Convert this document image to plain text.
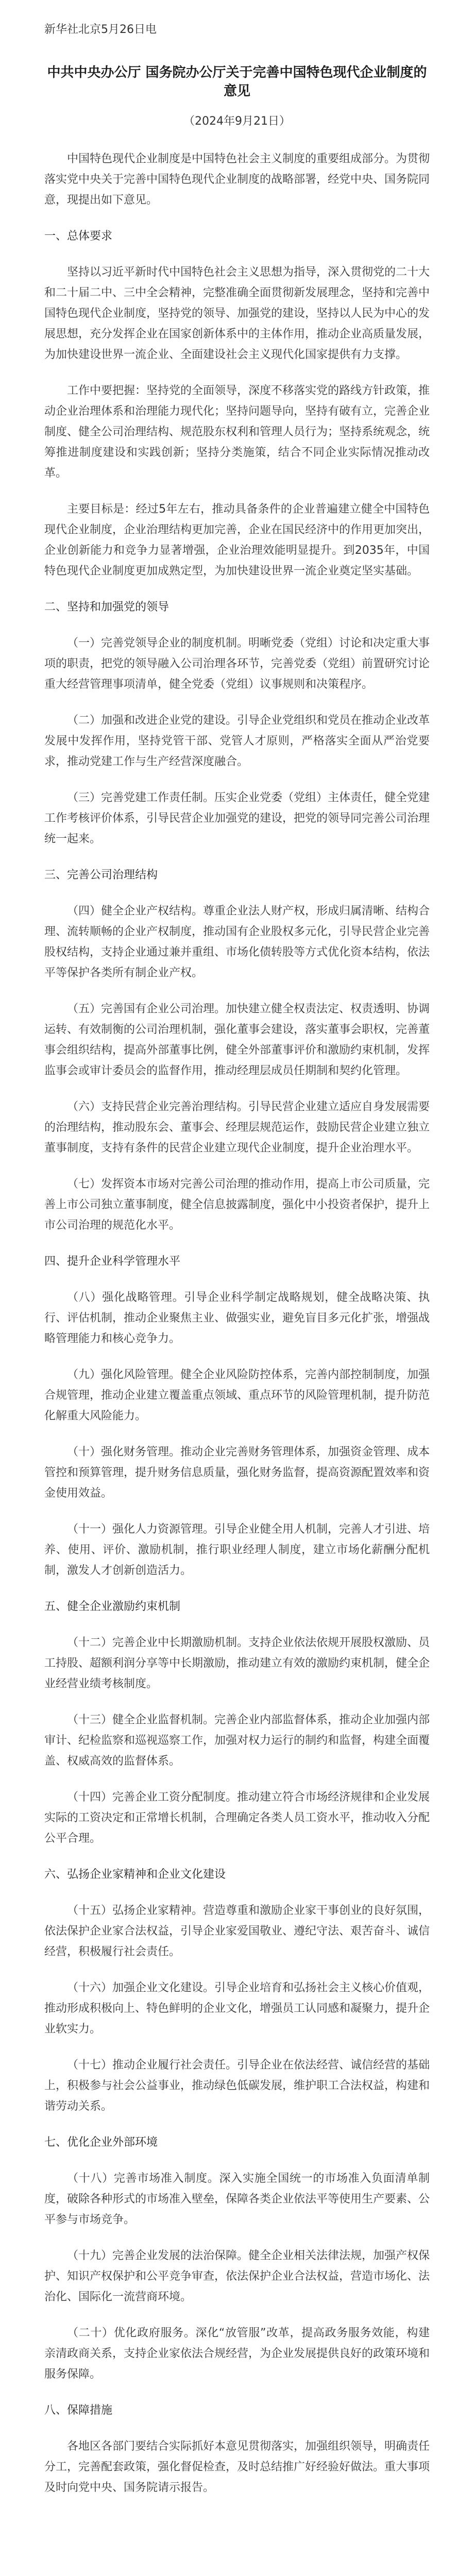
新华社北京5月26日电

中共中央办公厅 国务院办公厅关于完善中国特色现代企业制度的意见

（2024年9月21日）

中国特色现代企业制度是中国特色社会主义制度的重要组成部分。为贯彻落实党中央关于完善中国特色现代企业制度的战略部署，经党中央、国务院同意，现提出如下意见。

一、总体要求

坚持以习近平新时代中国特色社会主义思想为指导，深入贯彻党的二十大和二十届二中、三中全会精神，完整准确全面贯彻新发展理念，坚持和完善中国特色现代企业制度，坚持党的领导、加强党的建设，坚持以人民为中心的发展思想，充分发挥企业在国家创新体系中的主体作用，推动企业高质量发展，为加快建设世界一流企业、全面建设社会主义现代化国家提供有力支撑。

工作中要把握：坚持党的全面领导，深度不移落实党的路线方针政策，推动企业治理体系和治理能力现代化；坚持问题导向，坚持有破有立，完善企业制度、健全公司治理结构、规范股东权利和管理人员行为；坚持系统观念，统筹推进制度建设和实践创新；坚持分类施策，结合不同企业实际情况推动改革。

主要目标是：经过5年左右，推动具备条件的企业普遍建立健全中国特色现代企业制度，企业治理结构更加完善，企业在国民经济中的作用更加突出，企业创新能力和竞争力显著增强，企业治理效能明显提升。到2035年，中国特色现代企业制度更加成熟定型，为加快建设世界一流企业奠定坚实基础。

二、坚持和加强党的领导

（一）完善党领导企业的制度机制。明晰党委（党组）讨论和决定重大事项的职责，把党的领导融入公司治理各环节，完善党委（党组）前置研究讨论重大经营管理事项清单，健全党委（党组）议事规则和决策程序。

（二）加强和改进企业党的建设。引导企业党组织和党员在推动企业改革发展中发挥作用，坚持党管干部、党管人才原则，严格落实全面从严治党要求，推动党建工作与生产经营深度融合。

（三）完善党建工作责任制。压实企业党委（党组）主体责任，健全党建工作考核评价体系，引导民营企业加强党的建设，把党的领导同完善公司治理统一起来。

三、完善公司治理结构

（四）健全企业产权结构。尊重企业法人财产权，形成归属清晰、结构合理、流转顺畅的企业产权制度，推动国有企业股权多元化，引导民营企业完善股权结构，支持企业通过兼并重组、市场化债转股等方式优化资本结构，依法平等保护各类所有制企业产权。

（五）完善国有企业公司治理。加快建立健全权责法定、权责透明、协调运转、有效制衡的公司治理机制，强化董事会建设，落实董事会职权，完善董事会组织结构，提高外部董事比例，健全外部董事评价和激励约束机制，发挥监事会或审计委员会的监督作用，推动经理层成员任期制和契约化管理。

（六）支持民营企业完善治理结构。引导民营企业建立适应自身发展需要的治理结构，推动股东会、董事会、经理层规范运作，鼓励民营企业建立独立董事制度，支持有条件的民营企业建立现代企业制度，提升企业治理水平。

（七）发挥资本市场对完善公司治理的推动作用，提高上市公司质量，完善上市公司独立董事制度，健全信息披露制度，强化中小投资者保护，提升上市公司治理的规范化水平。

四、提升企业科学管理水平

（八）强化战略管理。引导企业科学制定战略规划，健全战略决策、执行、评估机制，推动企业聚焦主业、做强实业，避免盲目多元化扩张，增强战略管理能力和核心竞争力。

（九）强化风险管理。健全企业风险防控体系，完善内部控制制度，加强合规管理，推动企业建立覆盖重点领域、重点环节的风险管理机制，提升防范化解重大风险能力。

（十）强化财务管理。推动企业完善财务管理体系，加强资金管理、成本管控和预算管理，提升财务信息质量，强化财务监督，提高资源配置效率和资金使用效益。

（十一）强化人力资源管理。引导企业健全用人机制，完善人才引进、培养、使用、评价、激励机制，推行职业经理人制度，建立市场化薪酬分配机制，激发人才创新创造活力。

五、健全企业激励约束机制

（十二）完善企业中长期激励机制。支持企业依法依规开展股权激励、员工持股、超额利润分享等中长期激励，推动建立有效的激励约束机制，健全企业经营业绩考核制度。

（十三）健全企业监督机制。完善企业内部监督体系，推动企业加强内部审计、纪检监察和巡视巡察工作，加强对权力运行的制约和监督，构建全面覆盖、权威高效的监督体系。

（十四）完善企业工资分配制度。推动建立符合市场经济规律和企业发展实际的工资决定和正常增长机制，合理确定各类人员工资水平，推动收入分配公平合理。

六、弘扬企业家精神和企业文化建设

（十五）弘扬企业家精神。营造尊重和激励企业家干事创业的良好氛围，依法保护企业家合法权益，引导企业家爱国敬业、遵纪守法、艰苦奋斗、诚信经营，积极履行社会责任。

（十六）加强企业文化建设。引导企业培育和弘扬社会主义核心价值观，推动形成积极向上、特色鲜明的企业文化，增强员工认同感和凝聚力，提升企业软实力。

（十七）推动企业履行社会责任。引导企业在依法经营、诚信经营的基础上，积极参与社会公益事业，推动绿色低碳发展，维护职工合法权益，构建和谐劳动关系。

七、优化企业外部环境

（十八）完善市场准入制度。深入实施全国统一的市场准入负面清单制度，破除各种形式的市场准入壁垒，保障各类企业依法平等使用生产要素、公平参与市场竞争。

（十九）完善企业发展的法治保障。健全企业相关法律法规，加强产权保护、知识产权保护和公平竞争审查，依法保护企业合法权益，营造市场化、法治化、国际化一流营商环境。

（二十）优化政府服务。深化“放管服”改革，提高政务服务效能，构建亲清政商关系，支持企业家依法合规经营，为企业发展提供良好的政策环境和服务保障。

八、保障措施

各地区各部门要结合实际抓好本意见贯彻落实，加强组织领导，明确责任分工，完善配套政策，强化督促检查，及时总结推广好经验好做法。重大事项及时向党中央、国务院请示报告。
